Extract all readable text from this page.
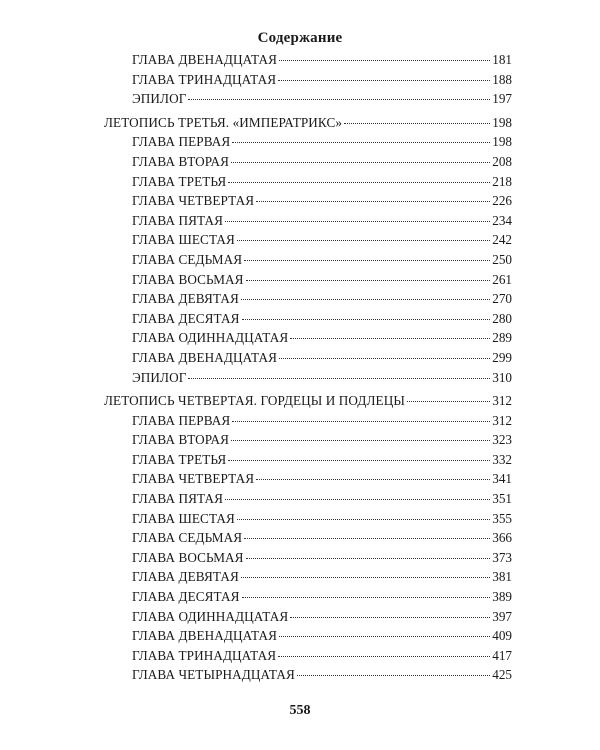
Содержание
ГЛАВА ДВЕНАДЦАТАЯ	181
ГЛАВА ТРИНАДЦАТАЯ	188
ЭПИЛОГ	197
ЛЕТОПИСЬ ТРЕТЬЯ. «ИМПЕРАТРИКС»	198
ГЛАВА ПЕРВАЯ	198
ГЛАВА ВТОРАЯ	208
ГЛАВА ТРЕТЬЯ	218
ГЛАВА ЧЕТВЕРТАЯ	226
ГЛАВА ПЯТАЯ	234
ГЛАВА ШЕСТАЯ	242
ГЛАВА СЕДЬМАЯ	250
ГЛАВА ВОСЬМАЯ	261
ГЛАВА ДЕВЯТАЯ	270
ГЛАВА ДЕСЯТАЯ	280
ГЛАВА ОДИННАДЦАТАЯ	289
ГЛАВА ДВЕНАДЦАТАЯ	299
ЭПИЛОГ	310
ЛЕТОПИСЬ ЧЕТВЕРТАЯ. ГОРДЕЦЫ И ПОДЛЕЦЫ	312
ГЛАВА ПЕРВАЯ	312
ГЛАВА ВТОРАЯ	323
ГЛАВА ТРЕТЬЯ	332
ГЛАВА ЧЕТВЕРТАЯ	341
ГЛАВА ПЯТАЯ	351
ГЛАВА ШЕСТАЯ	355
ГЛАВА СЕДЬМАЯ	366
ГЛАВА ВОСЬМАЯ	373
ГЛАВА ДЕВЯТАЯ	381
ГЛАВА ДЕСЯТАЯ	389
ГЛАВА ОДИННАДЦАТАЯ	397
ГЛАВА ДВЕНАДЦАТАЯ	409
ГЛАВА ТРИНАДЦАТАЯ	417
ГЛАВА ЧЕТЫРНАДЦАТАЯ	425
558
